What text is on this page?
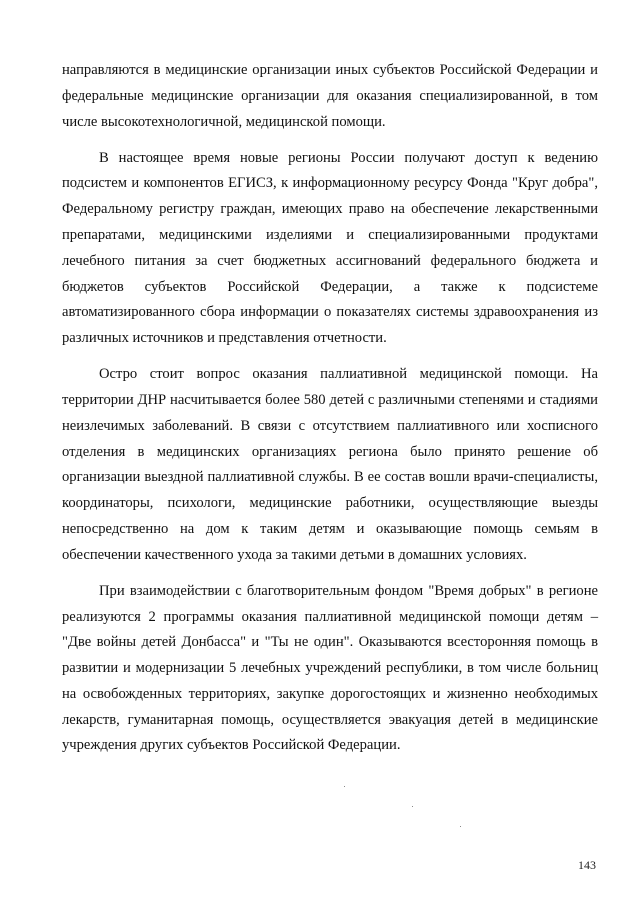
направляются в медицинские организации иных субъектов Российской Федерации и федеральные медицинские организации для оказания специализированной, в том числе высокотехнологичной, медицинской помощи.

В настоящее время новые регионы России получают доступ к ведению подсистем и компонентов ЕГИСЗ, к информационному ресурсу Фонда "Круг добра", Федеральному регистру граждан, имеющих право на обеспечение лекарственными препаратами, медицинскими изделиями и специализированными продуктами лечебного питания за счет бюджетных ассигнований федерального бюджета и бюджетов субъектов Российской Федерации, а также к подсистеме автоматизированного сбора информации о показателях системы здравоохранения из различных источников и представления отчетности.

Остро стоит вопрос оказания паллиативной медицинской помощи. На территории ДНР насчитывается более 580 детей с различными степенями и стадиями неизлечимых заболеваний. В связи с отсутствием паллиативного или хосписного отделения в медицинских организациях региона было принято решение об организации выездной паллиативной службы. В ее состав вошли врачи-специалисты, координаторы, психологи, медицинские работники, осуществляющие выезды непосредственно на дом к таким детям и оказывающие помощь семьям в обеспечении качественного ухода за такими детьми в домашних условиях.

При взаимодействии с благотворительным фондом "Время добрых" в регионе реализуются 2 программы оказания паллиативной медицинской помощи детям – "Две войны детей Донбасса" и "Ты не один". Оказываются всесторонняя помощь в развитии и модернизации 5 лечебных учреждений республики, в том числе больниц на освобожденных территориях, закупке дорогостоящих и жизненно необходимых лекарств, гуманитарная помощь, осуществляется эвакуация детей в медицинские учреждения других субъектов Российской Федерации.

143
